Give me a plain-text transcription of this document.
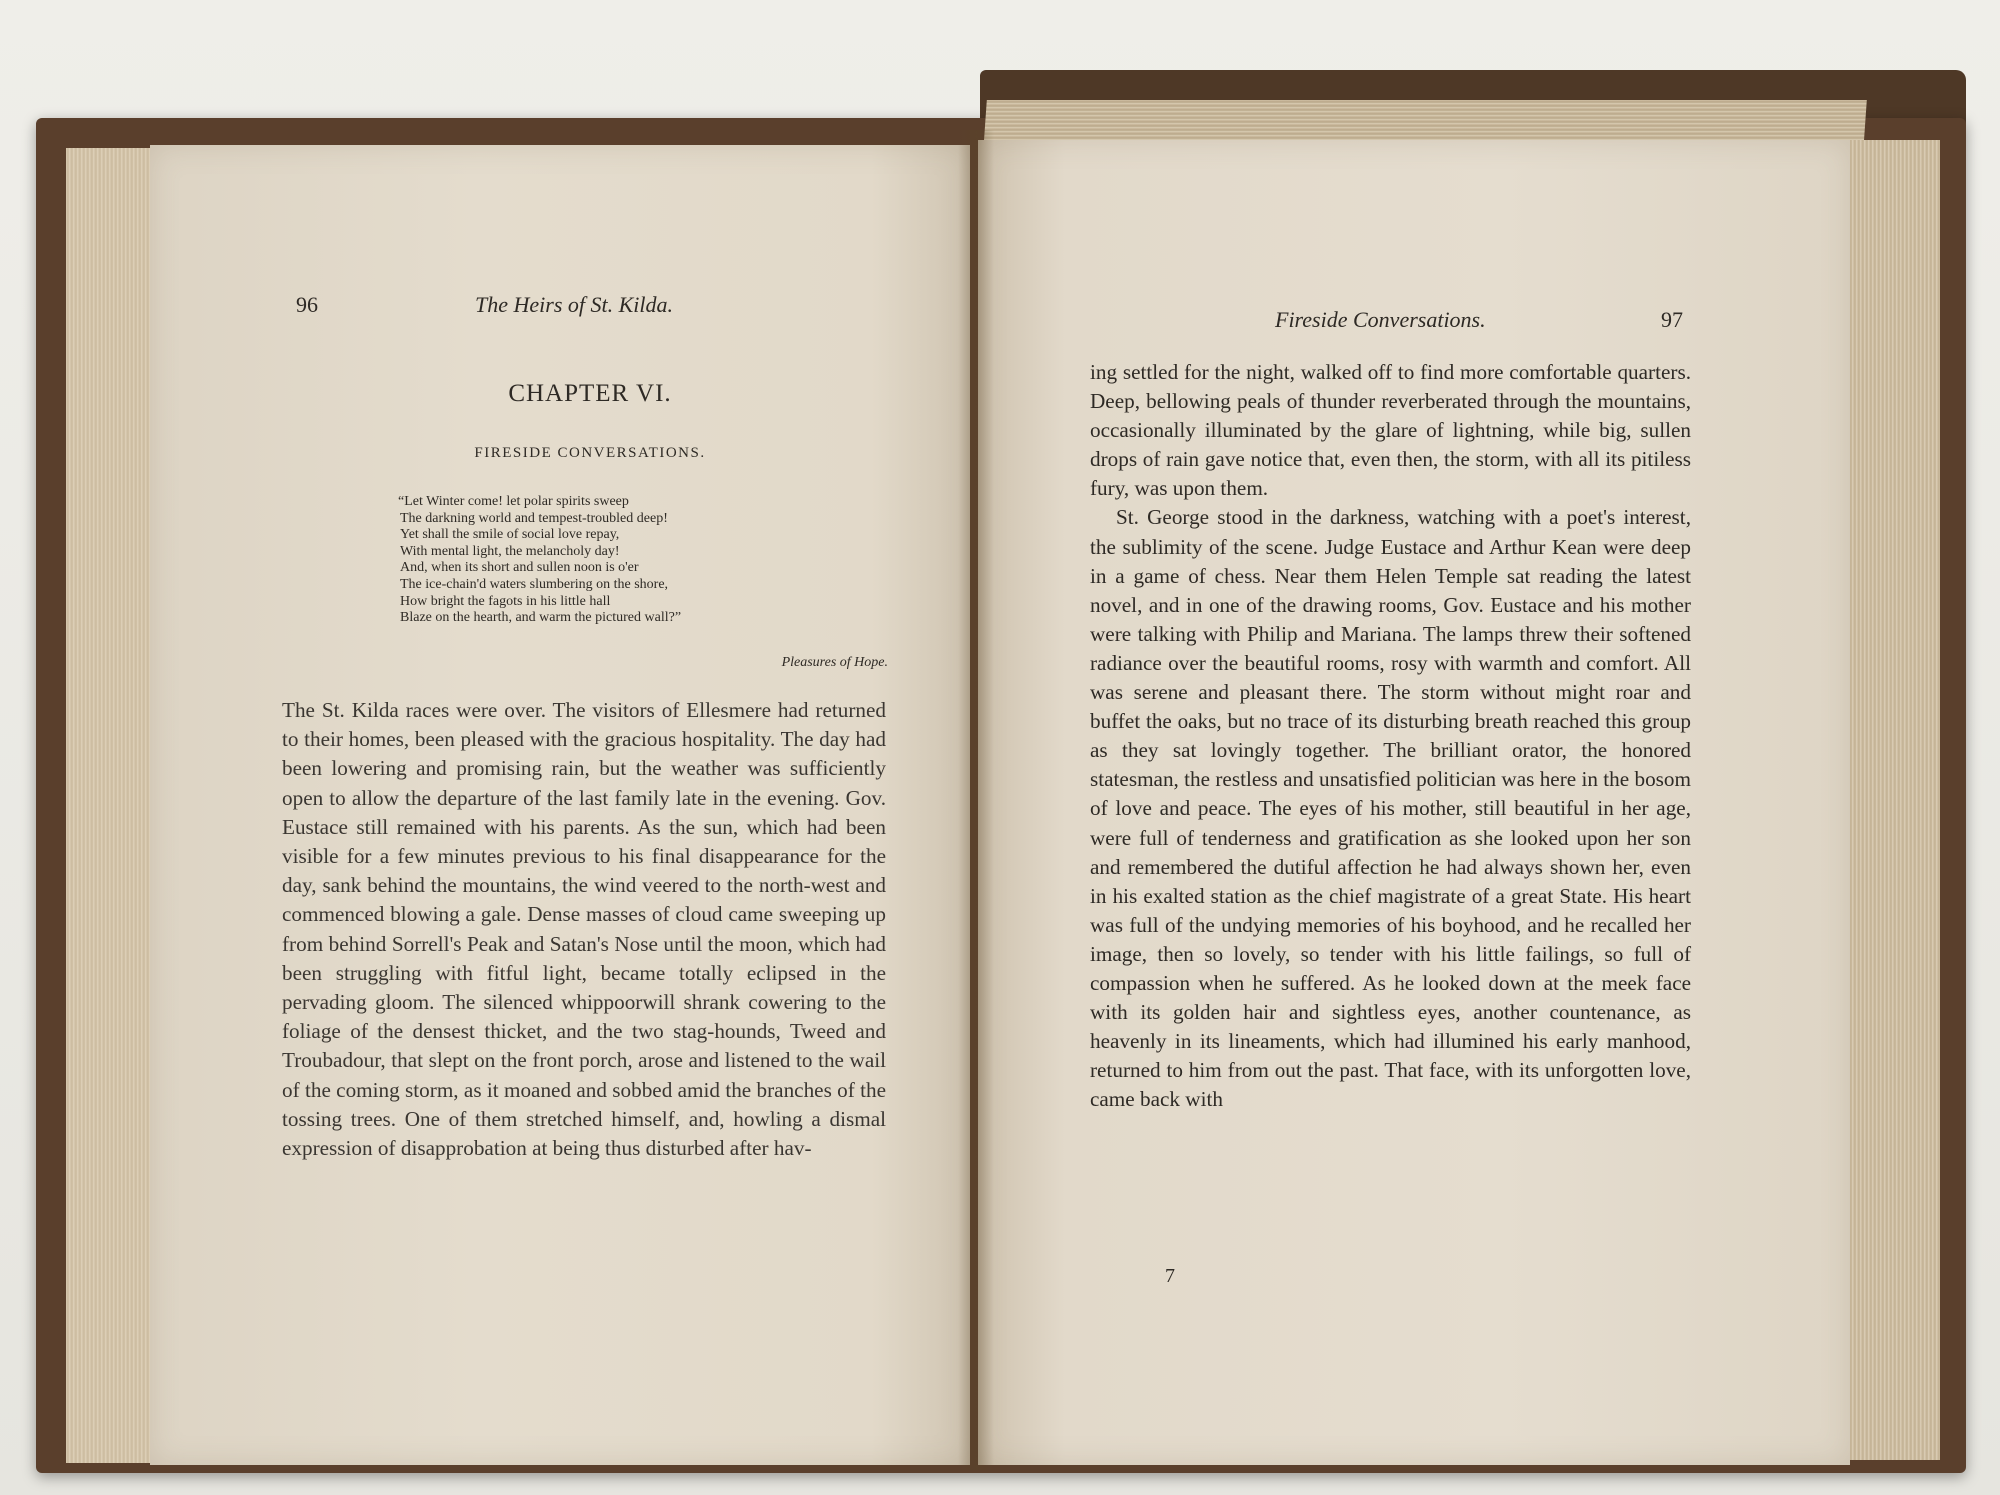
96	The Heirs of St. Kilda.
CHAPTER VI.
FIRESIDE CONVERSATIONS.
“Let Winter come! let polar spirits sweep
The darkning world and tempest-troubled deep!
Yet shall the smile of social love repay,
With mental light, the melancholy day!
And, when its short and sullen noon is o'er
The ice-chain'd waters slumbering on the shore,
How bright the fagots in his little hall
Blaze on the hearth, and warm the pictured wall?”
Pleasures of Hope.

The St. Kilda races were over. The visitors of Ellesmere had returned to their homes, been pleased with the gracious hospitality. The day had been lowering and promising rain, but the weather was sufficiently open to allow the departure of the last family late in the evening. Gov. Eustace still remained with his parents. As the sun, which had been visible for a few minutes previous to his final disappearance for the day, sank behind the mountains, the wind veered to the north-west and commenced blowing a gale. Dense masses of cloud came sweeping up from behind Sorrell's Peak and Satan's Nose until the moon, which had been struggling with fitful light, became totally eclipsed in the pervading gloom. The silenced whippoorwill shrank cowering to the foliage of the densest thicket, and the two stag-hounds, Tweed and Troubadour, that slept on the front porch, arose and listened to the wail of the coming storm, as it moaned and sobbed amid the branches of the tossing trees. One of them stretched himself, and, howling a dismal expression of disapprobation at being thus disturbed after hav-

Fireside Conversations.	97

ing settled for the night, walked off to find more comfortable quarters. Deep, bellowing peals of thunder reverberated through the mountains, occasionally illuminated by the glare of lightning, while big, sullen drops of rain gave notice that, even then, the storm, with all its pitiless fury, was upon them.

St. George stood in the darkness, watching with a poet's interest, the sublimity of the scene. Judge Eustace and Arthur Kean were deep in a game of chess. Near them Helen Temple sat reading the latest novel, and in one of the drawing rooms, Gov. Eustace and his mother were talking with Philip and Mariana. The lamps threw their softened radiance over the beautiful rooms, rosy with warmth and comfort. All was serene and pleasant there. The storm without might roar and buffet the oaks, but no trace of its disturbing breath reached this group as they sat lovingly together. The brilliant orator, the honored statesman, the restless and unsatisfied politician was here in the bosom of love and peace. The eyes of his mother, still beautiful in her age, were full of tenderness and gratification as she looked upon her son and remembered the dutiful affection he had always shown her, even in his exalted station as the chief magistrate of a great State. His heart was full of the undying memories of his boyhood, and he recalled her image, then so lovely, so tender with his little failings, so full of compassion when he suffered. As he looked down at the meek face with its golden hair and sightless eyes, another countenance, as heavenly in its lineaments, which had illumined his early manhood, returned to him from out the past. That face, with its unforgotten love, came back with

7
